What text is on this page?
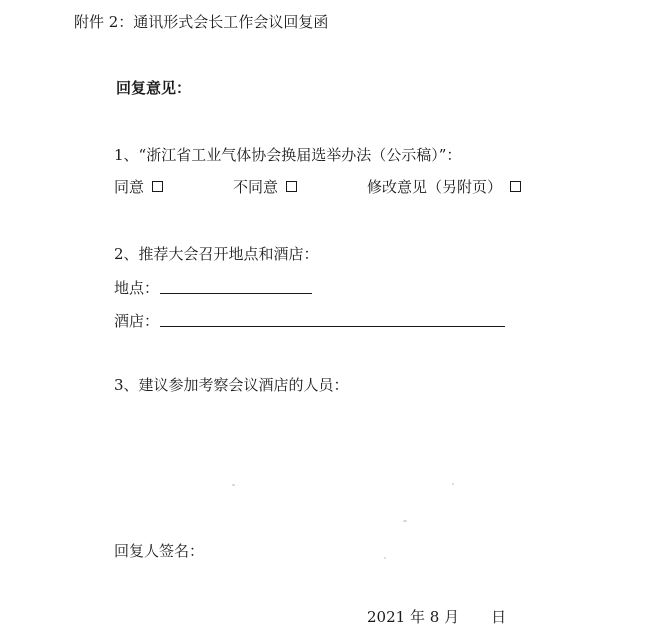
附件 2：通讯形式会长工作会议回复函
回复意见：
1、“浙江省工业气体协会换届选举办法（公示稿）”：
同意	不同意	修改意见（另附页）
2、推荐大会召开地点和酒店：
地点：
酒店：
3、建议参加考察会议酒店的人员：
回复人签名：
2021 年 8 月 日
